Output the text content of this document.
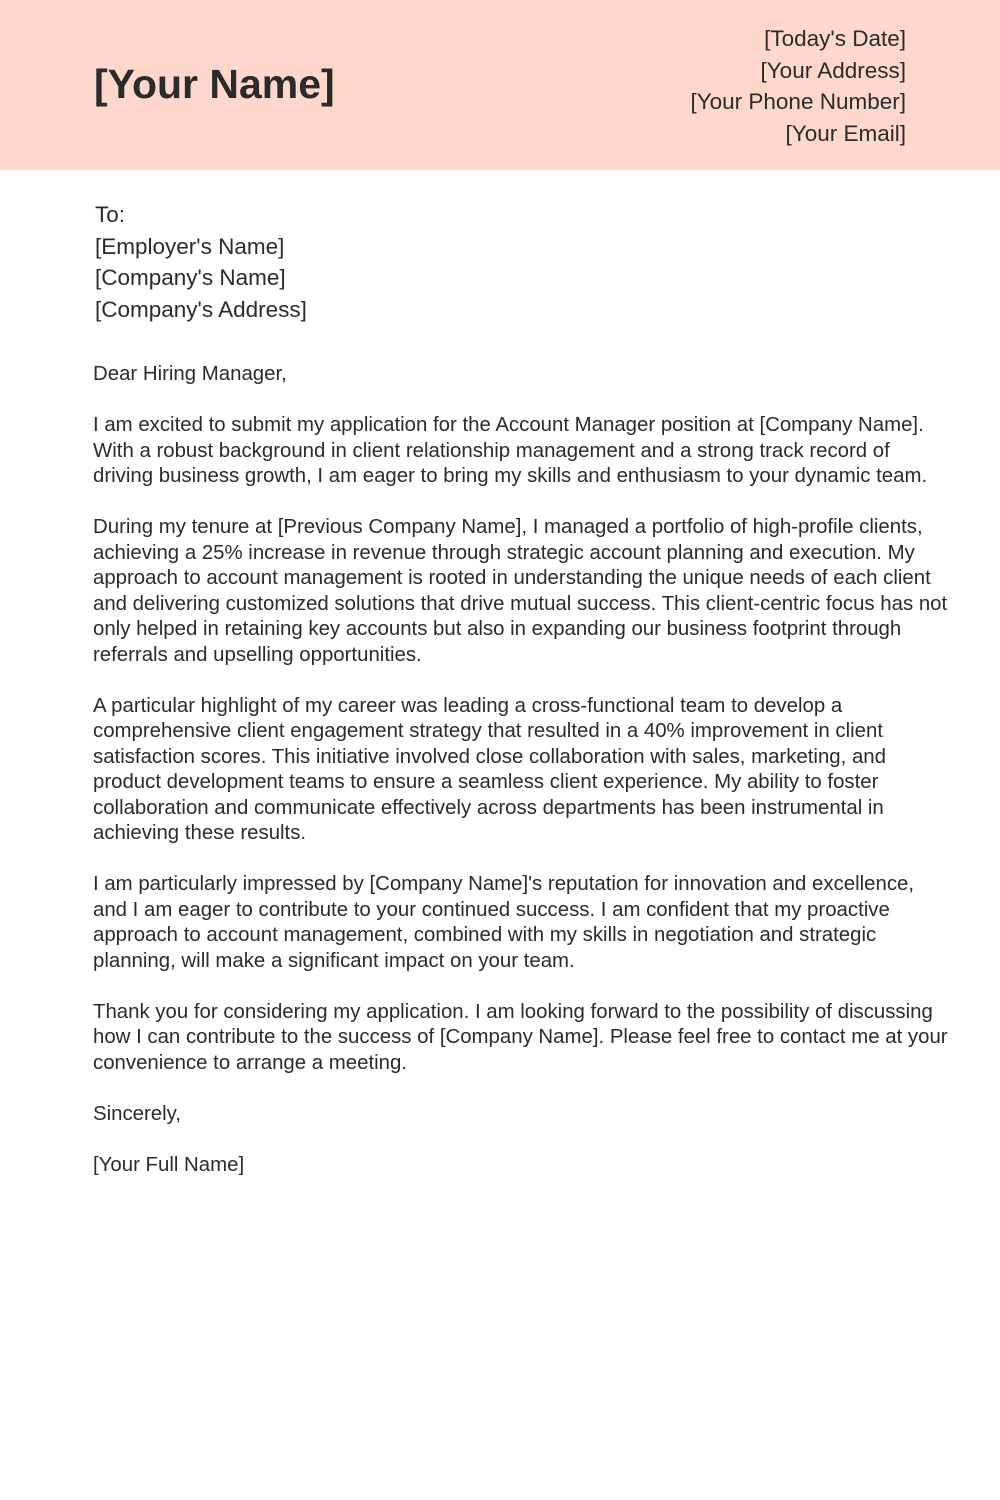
[Your Name]
[Today's Date]
[Your Address]
[Your Phone Number]
[Your Email]
To:
[Employer's Name]
[Company's Name]
[Company's Address]

Dear Hiring Manager,

I am excited to submit my application for the Account Manager position at [Company Name]. With a robust background in client relationship management and a strong track record of driving business growth, I am eager to bring my skills and enthusiasm to your dynamic team.

During my tenure at [Previous Company Name], I managed a portfolio of high-profile clients, achieving a 25% increase in revenue through strategic account planning and execution. My approach to account management is rooted in understanding the unique needs of each client and delivering customized solutions that drive mutual success. This client-centric focus has not only helped in retaining key accounts but also in expanding our business footprint through referrals and upselling opportunities.

A particular highlight of my career was leading a cross-functional team to develop a comprehensive client engagement strategy that resulted in a 40% improvement in client satisfaction scores. This initiative involved close collaboration with sales, marketing, and product development teams to ensure a seamless client experience. My ability to foster collaboration and communicate effectively across departments has been instrumental in achieving these results.

I am particularly impressed by [Company Name]'s reputation for innovation and excellence, and I am eager to contribute to your continued success. I am confident that my proactive approach to account management, combined with my skills in negotiation and strategic planning, will make a significant impact on your team.

Thank you for considering my application. I am looking forward to the possibility of discussing how I can contribute to the success of [Company Name]. Please feel free to contact me at your convenience to arrange a meeting.

Sincerely,

[Your Full Name]
